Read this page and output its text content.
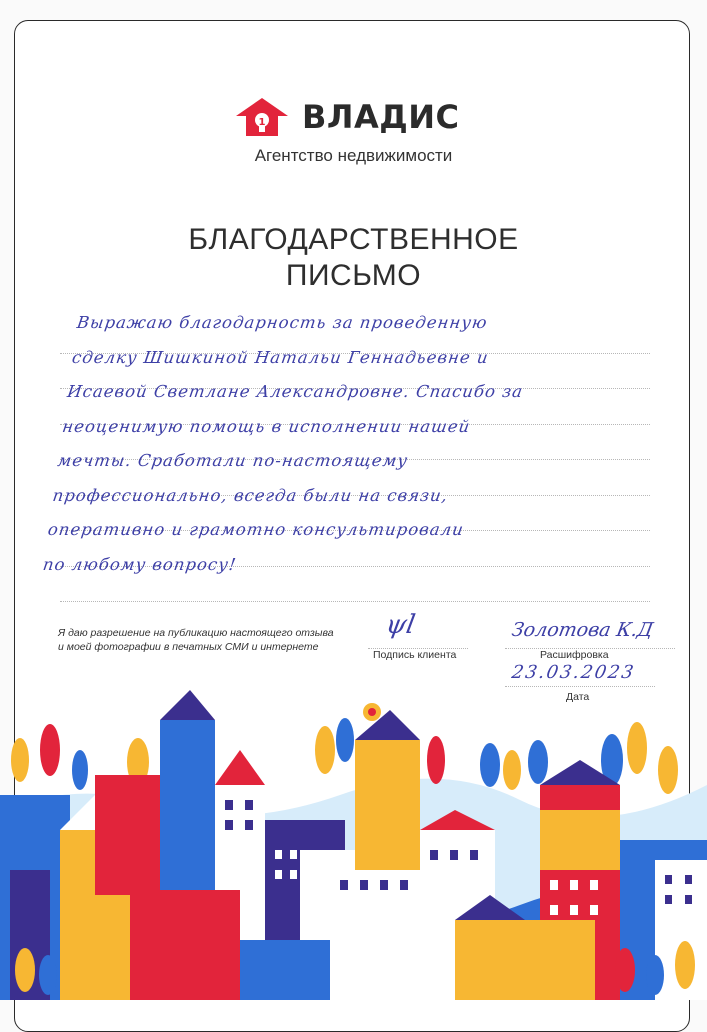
1 ВЛАДИС
Агентство недвижимости
БЛАГОДАРСТВЕННОЕ
ПИСЬМО
Выражаю благодарность за проведенную
сделку Шишкиной Натальи Геннадьевне и
Исаевой Светлане Александровне. Спасибо за
неоценимую помощь в исполнении нашей
мечты. Сработали по-настоящему
профессионально, всегда были на связи,
оперативно и грамотно консультировали
по любому вопросу!
Я даю разрешение на публикацию настоящего отзыва
и моей фотографии в печатных СМИ и интернете
ψl
Подпись клиента
Золотова К.Д
Расшифровка
23.03.2023
Дата
